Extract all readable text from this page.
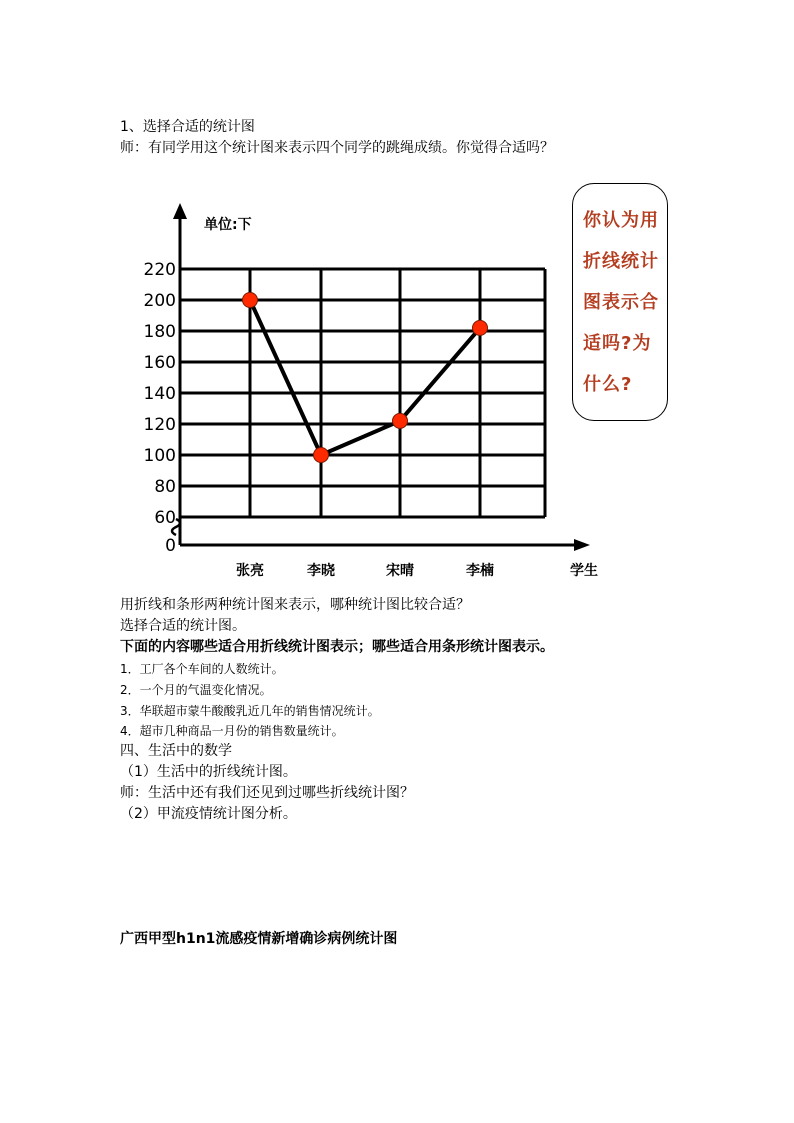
1、选择合适的统计图
师：有同学用这个统计图来表示四个同学的跳绳成绩。你觉得合适吗？
0
60
80
100
120
140
160
180
200
220
张亮	李晓	宋晴	李楠
单位:下
学生
你认为用
折线统计
图表示合
适吗?为
什么?
用折线和条形两种统计图来表示，哪种统计图比较合适？
选择合适的统计图。
下面的内容哪些适合用折线统计图表示；哪些适合用条形统计图表示。
1．工厂各个车间的人数统计。
2．一个月的气温变化情况。
3．华联超市蒙牛酸酸乳近几年的销售情况统计。
4．超市几种商品一月份的销售数量统计。
四、生活中的数学
（1）生活中的折线统计图。
师：生活中还有我们还见到过哪些折线统计图？
（2）甲流疫情统计图分析。
广西甲型h1n1流感疫情新增确诊病例统计图
